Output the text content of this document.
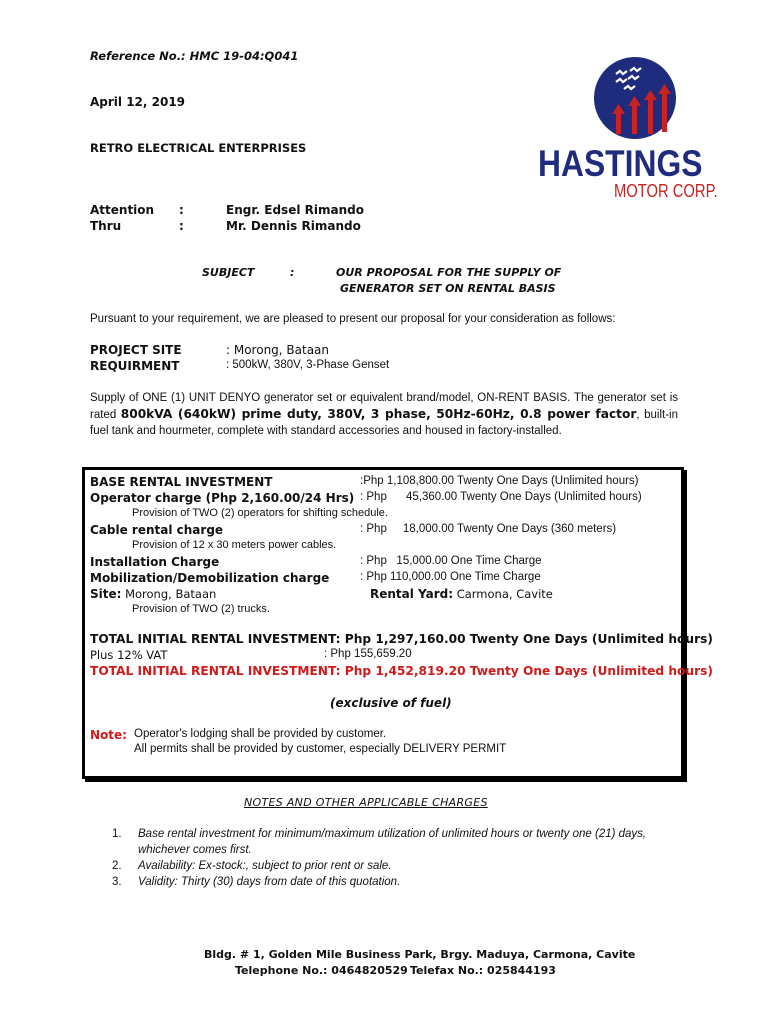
Reference No.: HMC 19-04:Q041
April 12, 2019
RETRO ELECTRICAL ENTERPRISES	HASTINGS
MOTOR CORP.
Attention :	Engr. Edsel Rimando
Thru	:	Mr. Dennis Rimando
SUBJECT	:	OUR PROPOSAL FOR THE SUPPLY OF
GENERATOR SET ON RENTAL BASIS
Pursuant to your requirement, we are pleased to present our proposal for your consideration as follows:
PROJECT SITE	: Morong, Bataan
REQUIRMENT	: 500kW, 380V, 3-Phase Genset
Supply of ONE (1) UNIT DENYO generator set or equivalent brand/model, ON-RENT BASIS. The generator set is rated 800kVA (640kW) prime duty, 380V, 3 phase, 50Hz-60Hz, 0.8 power factor, built-in fuel tank and hourmeter, complete with standard accessories and housed in factory-installed.
BASE RENTAL INVESTMENT	:Php 1,108,800.00 Twenty One Days (Unlimited hours)
Operator charge (Php 2,160.00/24 Hrs) : Php      45,360.00 Twenty One Days (Unlimited hours)
Provision of TWO (2) operators for shifting schedule.
Cable rental charge	: Php     18,000.00 Twenty One Days (360 meters)
Provision of 12 x 30 meters power cables.
Installation Charge	: Php   15,000.00 One Time Charge
Mobilization/Demobilization charge	: Php 110,000.00 One Time Charge
Site: Morong, Bataan	Rental Yard: Carmona, Cavite
Provision of TWO (2) trucks.
TOTAL INITIAL RENTAL INVESTMENT: Php 1,297,160.00 Twenty One Days (Unlimited hours)
Plus 12% VAT	: Php 155,659.20
TOTAL INITIAL RENTAL INVESTMENT: Php 1,452,819.20 Twenty One Days (Unlimited hours)
(exclusive of fuel)
Note: Operator's lodging shall be provided by customer.
All permits shall be provided by customer, especially DELIVERY PERMIT
NOTES AND OTHER APPLICABLE CHARGES
1. Base rental investment for minimum/maximum utilization of unlimited hours or twenty one (21) days, whichever comes first.
2. Availability: Ex-stock:, subject to prior rent or sale.
3. Validity: Thirty (30) days from date of this quotation.
Bldg. # 1, Golden Mile Business Park, Brgy. Maduya, Carmona, Cavite
Telephone No.: 0464820529 Telefax No.: 025844193
